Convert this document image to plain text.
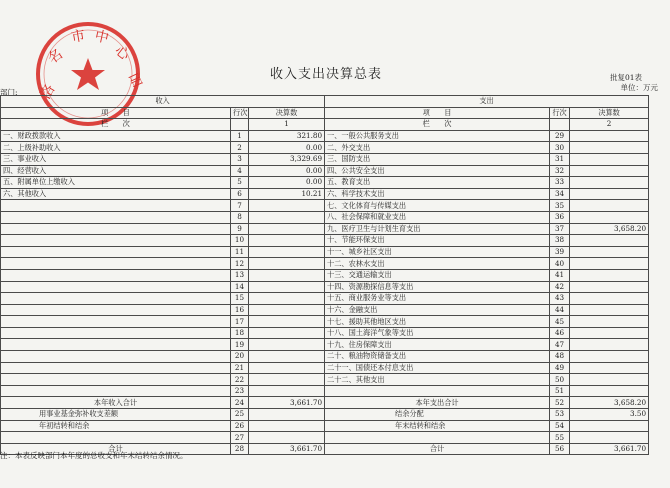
洛
名
市 中
心
吅	收入支出决算总表	批复01表
单位：万元
部门:
收入			支出		
项　　目	行次	决算数	项　　目	行次	决算数
栏　　次		1	栏　　次		2
一、财政拨款收入	1	321.80	一、一般公共服务支出	29	
二、上级补助收入	2	0.00	二、外交支出	30	
三、事业收入	3	3,329.69	三、国防支出	31	
四、经营收入	4	0.00	四、公共安全支出	32	
五、附属单位上缴收入	5	0.00	五、教育支出	33	
六、其他收入	6	10.21	六、科学技术支出	34	
	7		七、文化体育与传媒支出	35	
	8		八、社会保障和就业支出	36	
	9		九、医疗卫生与计划生育支出	37	3,658.20
	10		十、节能环保支出	38	
	11		十一、城乡社区支出	39	
	12		十二、农林水支出	40	
	13		十三、交通运输支出	41	
	14		十四、资源勘探信息等支出	42	
	15		十五、商业服务业等支出	43	
	16		十六、金融支出	44	
	17		十七、援助其他地区支出	45	
	18		十八、国土海洋气象等支出	46	
	19		十九、住房保障支出	47	
	20		二十、粮油物资储备支出	48	
	21		二十一、国债还本付息支出	49	
	22		二十二、其他支出	50	
	23			51	
本年收入合计	24	3,661.70	本年支出合计	52	3,658.20
用事业基金弥补收支差额	25		结余分配	53	3.50
年初结转和结余	26		年末结转和结余	54	
	27			55	
合计	28	3,661.70	合计	56	3,661.70
注：本表反映部门本年度的总收支和年末结转结余情况。
